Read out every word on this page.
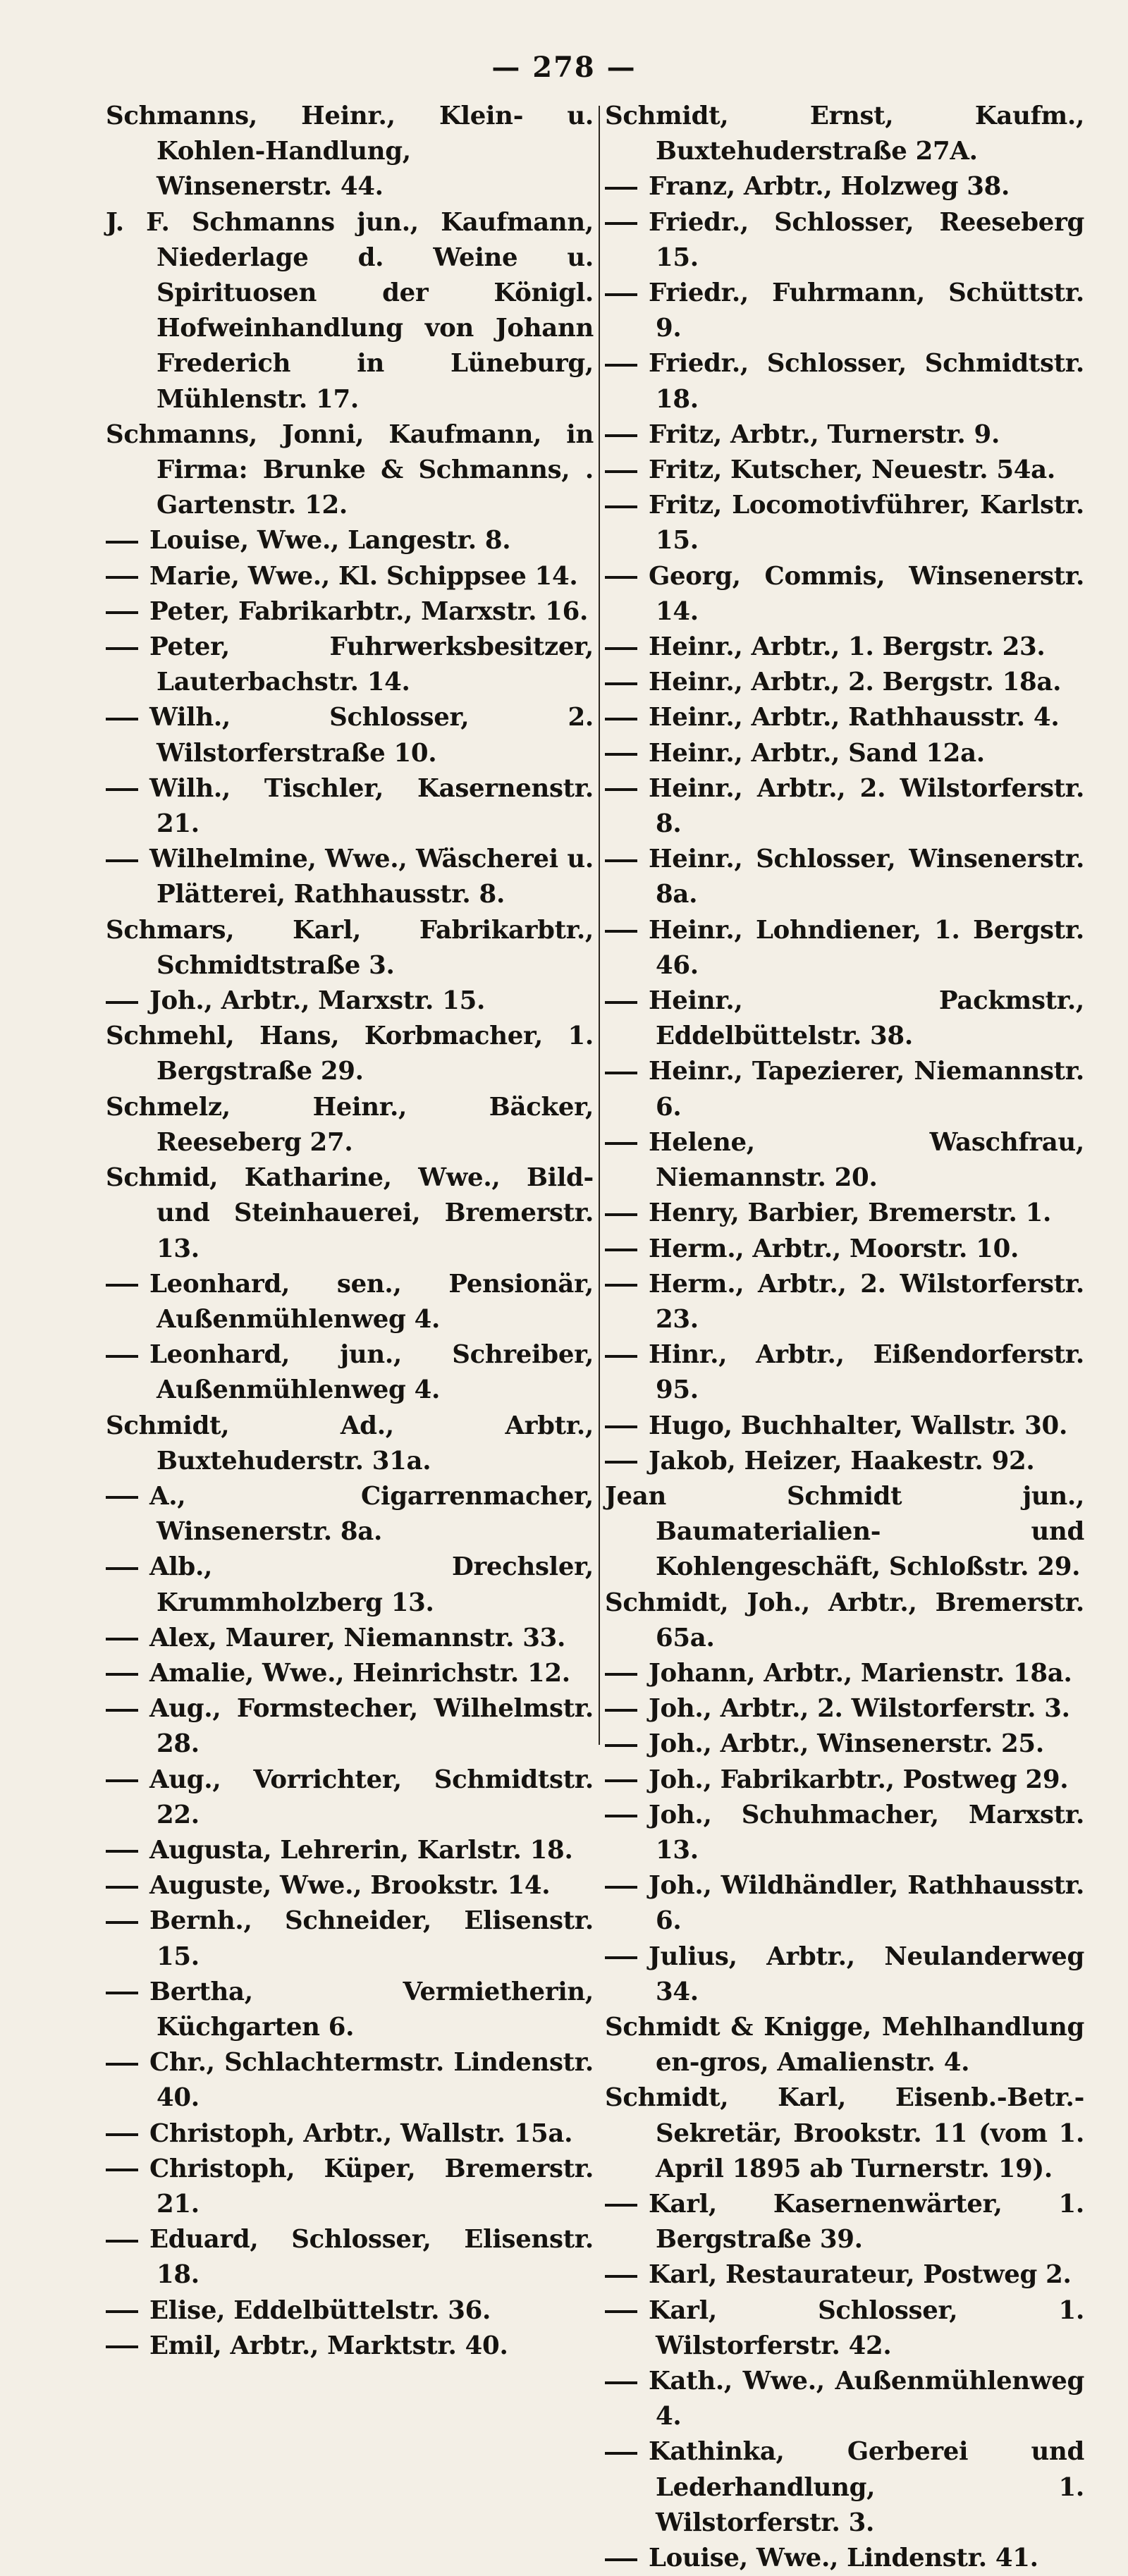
— 278 —
Schmanns, Heinr., Klein- u. Kohlen-Handlung, Winsenerstr. 44.
J. F. Schmanns jun., Kaufmann, Niederlage d. Weine u. Spirituosen der Königl. Hofweinhandlung von Johann Frederich in Lüneburg, Mühlenstr. 17.
Schmanns, Jonni, Kaufmann, in Firma: Brunke & Schmanns, . Gartenstr. 12.
Louise, Wwe., Langestr. 8.
Marie, Wwe., Kl. Schippsee 14.
Peter, Fabrikarbtr., Marxstr. 16.
Peter, Fuhrwerksbesitzer, Lauterbachstr. 14.
Wilh., Schlosser, 2. Wilstorferstraße 10.
Wilh., Tischler, Kasernenstr. 21.
Wilhelmine, Wwe., Wäscherei u. Plätterei, Rathhausstr. 8.
Schmars, Karl, Fabrikarbtr., Schmidtstraße 3.
Joh., Arbtr., Marxstr. 15.
Schmehl, Hans, Korbmacher, 1. Bergstraße 29.
Schmelz, Heinr., Bäcker, Reeseberg 27.
Schmid, Katharine, Wwe., Bild- und Steinhauerei, Bremerstr. 13.
Leonhard, sen., Pensionär, Außenmühlenweg 4.
Leonhard, jun., Schreiber, Außenmühlenweg 4.
Schmidt, Ad., Arbtr., Buxtehuderstr. 31a.
A., Cigarrenmacher, Winsenerstr. 8a.
Alb., Drechsler, Krummholzberg 13.
Alex, Maurer, Niemannstr. 33.
Amalie, Wwe., Heinrichstr. 12.
Aug., Formstecher, Wilhelmstr. 28.
Aug., Vorrichter, Schmidtstr. 22.
Augusta, Lehrerin, Karlstr. 18.
Auguste, Wwe., Brookstr. 14.
Bernh., Schneider, Elisenstr. 15.
Bertha, Vermietherin, Küchgarten 6.
Chr., Schlachtermstr. Lindenstr. 40.
Christoph, Arbtr., Wallstr. 15a.
Christoph, Küper, Bremerstr. 21.
Eduard, Schlosser, Elisenstr. 18.
Elise, Eddelbüttelstr. 36.
Emil, Arbtr., Marktstr. 40.
Schmidt, Ernst, Kaufm., Buxtehuderstraße 27A.
Franz, Arbtr., Holzweg 38.
Friedr., Schlosser, Reeseberg 15.
Friedr., Fuhrmann, Schüttstr. 9.
Friedr., Schlosser, Schmidtstr. 18.
Fritz, Arbtr., Turnerstr. 9.
Fritz, Kutscher, Neuestr. 54a.
Fritz, Locomotivführer, Karlstr. 15.
Georg, Commis, Winsenerstr. 14.
Heinr., Arbtr., 1. Bergstr. 23.
Heinr., Arbtr., 2. Bergstr. 18a.
Heinr., Arbtr., Rathhausstr. 4.
Heinr., Arbtr., Sand 12a.
Heinr., Arbtr., 2. Wilstorferstr. 8.
Heinr., Schlosser, Winsenerstr. 8a.
Heinr., Lohndiener, 1. Bergstr. 46.
Heinr., Packmstr., Eddelbüttelstr. 38.
Heinr., Tapezierer, Niemannstr. 6.
Helene, Waschfrau, Niemannstr. 20.
Henry, Barbier, Bremerstr. 1.
Herm., Arbtr., Moorstr. 10.
Herm., Arbtr., 2. Wilstorferstr. 23.
Hinr., Arbtr., Eißendorferstr. 95.
Hugo, Buchhalter, Wallstr. 30.
Jakob, Heizer, Haakestr. 92.
Jean Schmidt jun., Baumaterialien- und Kohlengeschäft, Schloßstr. 29.
Schmidt, Joh., Arbtr., Bremerstr. 65a.
Johann, Arbtr., Marienstr. 18a.
Joh., Arbtr., 2. Wilstorferstr. 3.
Joh., Arbtr., Winsenerstr. 25.
Joh., Fabrikarbtr., Postweg 29.
Joh., Schuhmacher, Marxstr. 13.
Joh., Wildhändler, Rathhausstr. 6.
Julius, Arbtr., Neulanderweg 34.
Schmidt & Knigge, Mehlhandlung en-gros, Amalienstr. 4.
Schmidt, Karl, Eisenb.-Betr.-Sekretär, Brookstr. 11 (vom 1. April 1895 ab Turnerstr. 19).
Karl, Kasernenwärter, 1. Bergstraße 39.
Karl, Restaurateur, Postweg 2.
Karl, Schlosser, 1. Wilstorferstr. 42.
Kath., Wwe., Außenmühlenweg 4.
Kathinka, Gerberei und Lederhandlung, 1. Wilstorferstr. 3.
Louise, Wwe., Lindenstr. 41.
